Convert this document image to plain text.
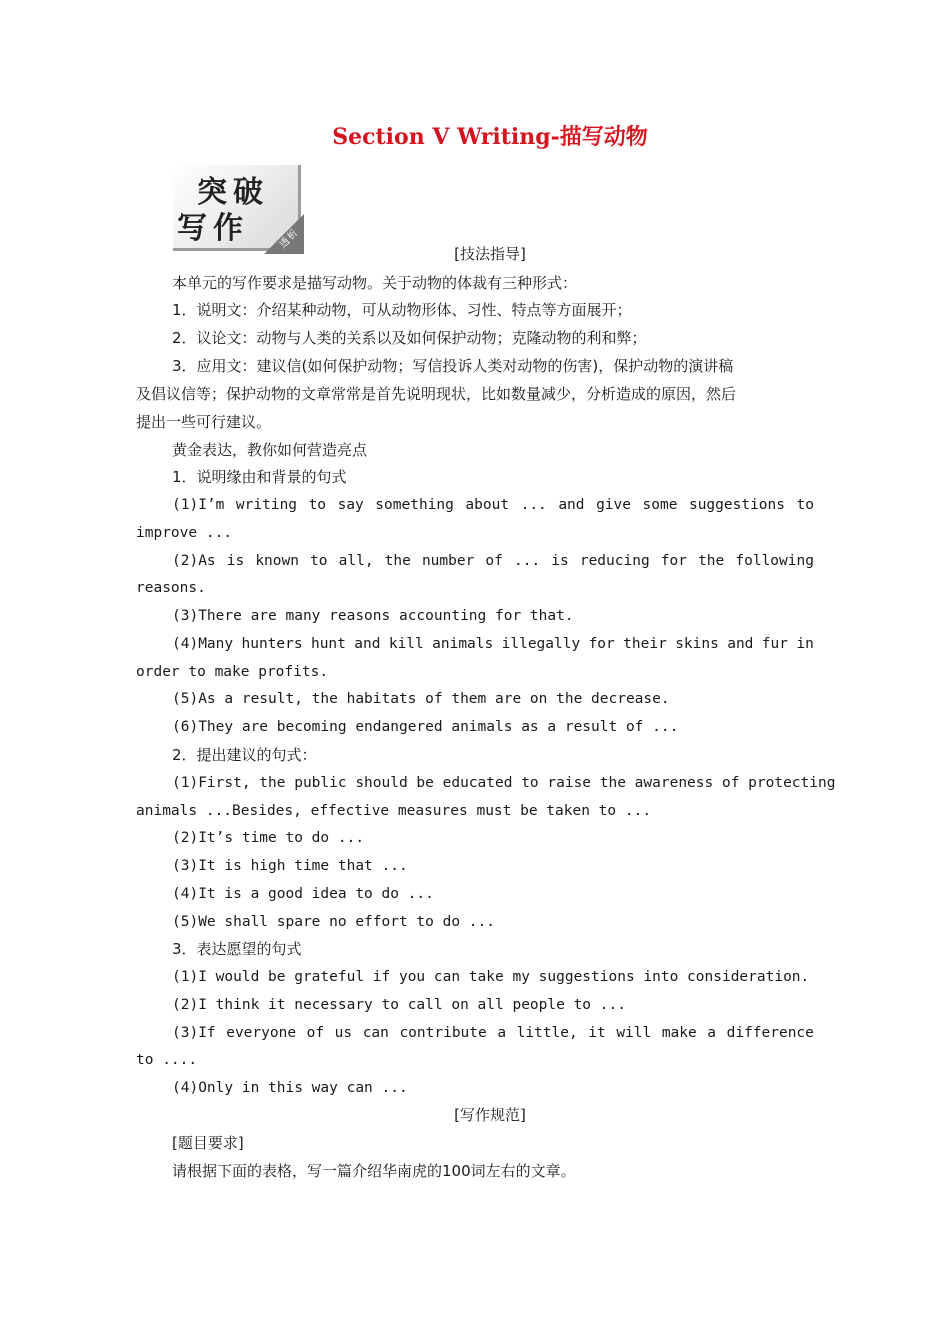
Section Ⅴ Writing-描写动物
突破
写作	透析
[技法指导]
本单元的写作要求是描写动物。关于动物的体裁有三种形式：
1．说明文：介绍某种动物，可从动物形体、习性、特点等方面展开；
2．议论文：动物与人类的关系以及如何保护动物；克隆动物的利和弊；
3．应用文：建议信(如何保护动物；写信投诉人类对动物的伤害)，保护动物的演讲稿
及倡议信等；保护动物的文章常常是首先说明现状，比如数量减少，分析造成的原因，然后
提出一些可行建议。
黄金表达，教你如何营造亮点
1．说明缘由和背景的句式
(1)I’m writing to say something about ... and give some suggestions to
improve ...
(2)As is known to all, the number of ... is reducing for the following
reasons.
(3)There are many reasons accounting for that.
(4)Many hunters hunt and kill animals illegally for their skins and fur in
order to make profits.
(5)As a result, the habitats of them are on the decrease.
(6)They are becoming endangered animals as a result of ...
2．提出建议的句式：
(1)First, the public should be educated to raise the awareness of protecting
animals ...Besides, effective measures must be taken to ...
(2)It’s time to do ...
(3)It is high time that ...
(4)It is a good idea to do ...
(5)We shall spare no effort to do ...
3．表达愿望的句式
(1)I would be grateful if you can take my suggestions into consideration.
(2)I think it necessary to call on all people to ...
(3)If everyone of us can contribute a little, it will make a difference
to ....
(4)Only in this way can ...
[写作规范]
[题目要求]
请根据下面的表格，写一篇介绍华南虎的100词左右的文章。
